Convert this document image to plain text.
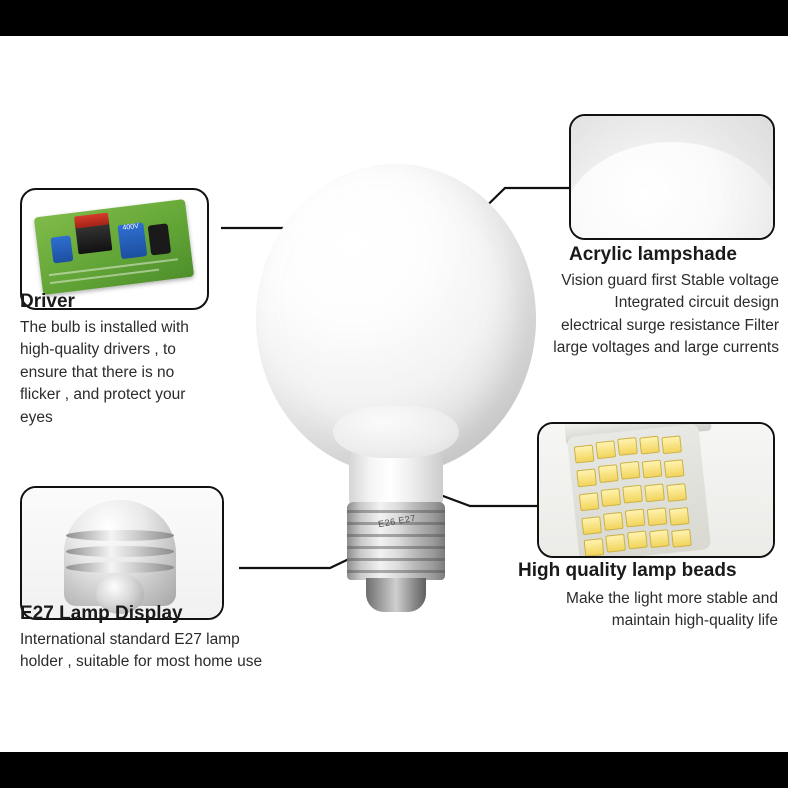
E26 E27
400V
Driver
The bulb is installed with high-quality drivers , to ensure that there is no flicker , and protect your eyes
Acrylic lampshade
Vision guard first Stable voltage Integrated circuit design electrical surge resistance Filter large voltages and large currents
E27 Lamp Display
International standard E27 lamp holder , suitable for most home use
High quality lamp beads
Make the light more stable and maintain high-quality life
